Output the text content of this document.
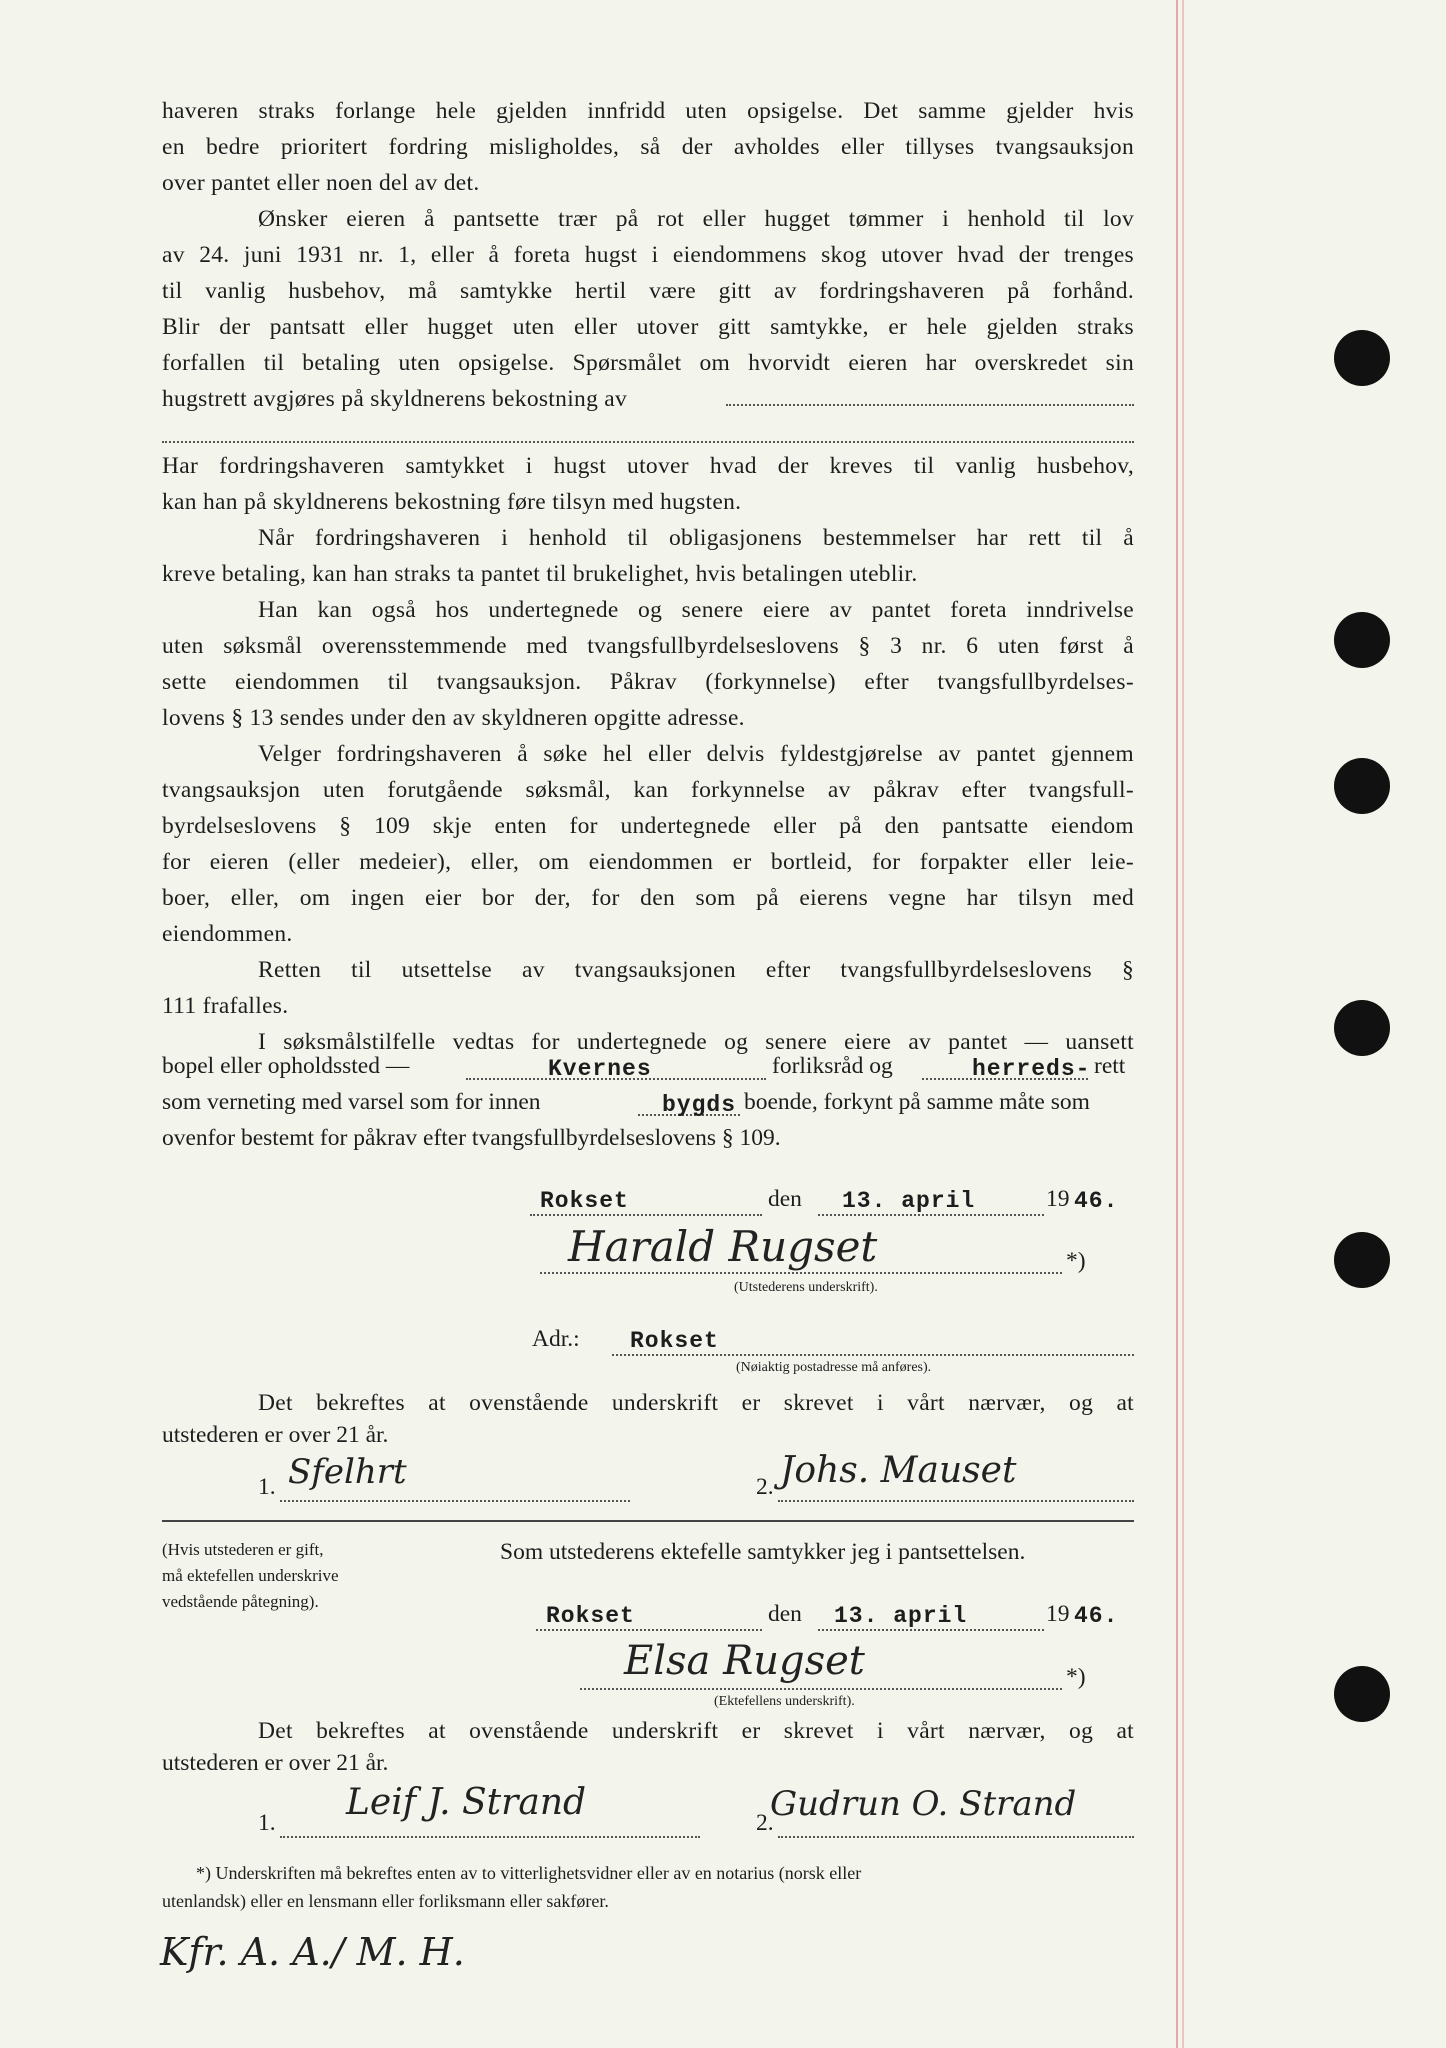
haveren straks forlange hele gjelden innfridd uten opsigelse. Det samme gjelder hvis
en bedre prioritert fordring misligholdes, så der avholdes eller tillyses tvangsauksjon
over pantet eller noen del av det.
Ønsker eieren å pantsette trær på rot eller hugget tømmer i henhold til lov
av 24. juni 1931 nr. 1, eller å foreta hugst i eiendommens skog utover hvad der trenges
til vanlig husbehov, må samtykke hertil være gitt av fordringshaveren på forhånd.
Blir der pantsatt eller hugget uten eller utover gitt samtykke, er hele gjelden straks
forfallen til betaling uten opsigelse. Spørsmålet om hvorvidt eieren har overskredet sin
hugstrett avgjøres på skyldnerens bekostning av
Har fordringshaveren samtykket i hugst utover hvad der kreves til vanlig husbehov,
kan han på skyldnerens bekostning føre tilsyn med hugsten.
Når fordringshaveren i henhold til obligasjonens bestemmelser har rett til å
kreve betaling, kan han straks ta pantet til brukelighet, hvis betalingen uteblir.
Han kan også hos undertegnede og senere eiere av pantet foreta inndrivelse
uten søksmål overensstemmende med tvangsfullbyrdelseslovens § 3 nr. 6 uten først å
sette eiendommen til tvangsauksjon. Påkrav (forkynnelse) efter tvangsfullbyrdelses-
lovens § 13 sendes under den av skyldneren opgitte adresse.
Velger fordringshaveren å søke hel eller delvis fyldestgjørelse av pantet gjennem
tvangsauksjon uten forutgående søksmål, kan forkynnelse av påkrav efter tvangsfull-
byrdelseslovens § 109 skje enten for undertegnede eller på den pantsatte eiendom
for eieren (eller medeier), eller, om eiendommen er bortleid, for forpakter eller leie-
boer, eller, om ingen eier bor der, for den som på eierens vegne har tilsyn med
eiendommen.
Retten til utsettelse av tvangsauksjonen efter tvangsfullbyrdelseslovens §
111 frafalles.
I søksmålstilfelle vedtas for undertegnede og senere eiere av pantet — uansett
bopel eller opholdssted —	Kvernes	forliksråd og	herreds- rett
som verneting med varsel som for innen	bygds boende, forkynt på samme måte som
ovenfor bestemt for påkrav efter tvangsfullbyrdelseslovens § 109.
Rokset	den 13. april	19 46.
Harald Rugset	*)
(Utstederens underskrift).
Adr.: Rokset
(Nøiaktig postadresse må anføres).
Det bekreftes at ovenstående underskrift er skrevet i vårt nærvær, og at
utstederen er over 21 år.
1. Sfelhrt	2. Johs. Mauset
(Hvis utstederen er gift,
må ektefellen underskrive
vedstående påtegning).
Som utstederens ektefelle samtykker jeg i pantsettelsen.
Rokset	den 13. april	19 46.
Elsa Rugset	*)
(Ektefellens underskrift).
Det bekreftes at ovenstående underskrift er skrevet i vårt nærvær, og at
utstederen er over 21 år.
1. Leif J. Strand	2.
Gudrun O. Strand
*) Underskriften må bekreftes enten av to vitterlighetsvidner eller av en notarius (norsk eller
utenlandsk) eller en lensmann eller forliksmann eller sakfører.
Kfr. A. A./ M. H.
